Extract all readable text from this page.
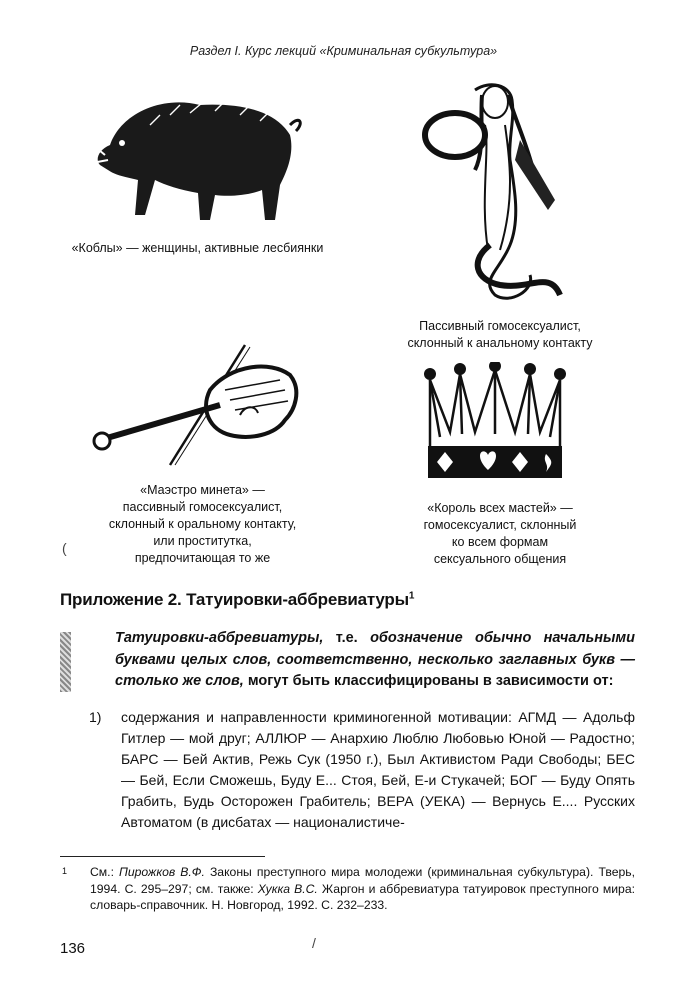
Раздел I. Курс лекций «Криминальная субкультура»
«Коблы» — женщины, активные лесбиянки
Пассивный гомосексуалист,
склонный к анальному контакту
«Маэстро минета» —
пассивный гомосексуалист,
склонный к оральному контакту,
или проститутка,
предпочитающая то же
«Король всех мастей» —
гомосексуалист, склонный
ко всем формам
сексуального общения
(
Приложение 2. Татуировки-аббревиатуры$^1$
Татуировки-аббревиатуры, т.е. обозначение обычно начальными буквами целых слов, соответственно, несколько заглавных букв — столько же слов, могут быть классифицированы в зависимости от:
1) содержания и направленности криминогенной мотивации: АГМД — Адольф Гитлер — мой друг; АЛЛЮР — Анархию Люблю Любовью Юной — Радостно; БАРС — Бей Актив, Режь Сук (1950 г.), Был Активистом Ради Свободы; БЕС — Бей, Если Сможешь, Буду Е... Стоя, Бей, Е-и Стукачей; БОГ — Буду Опять Грабить, Будь Осторожен Грабитель; ВЕРА (УЕКА) — Вернусь Е.... Русских Автоматом (в дисбатах — националистиче-
1 См.: Пирожков В.Ф. Законы преступного мира молодежи (криминальная субкультура). Тверь, 1994. С. 295–297; см. также: Хукка В.С. Жаргон и аббревиатура татуировок преступного мира: словарь-справочник. Н. Новгород, 1992. С. 232–233.
136	/
